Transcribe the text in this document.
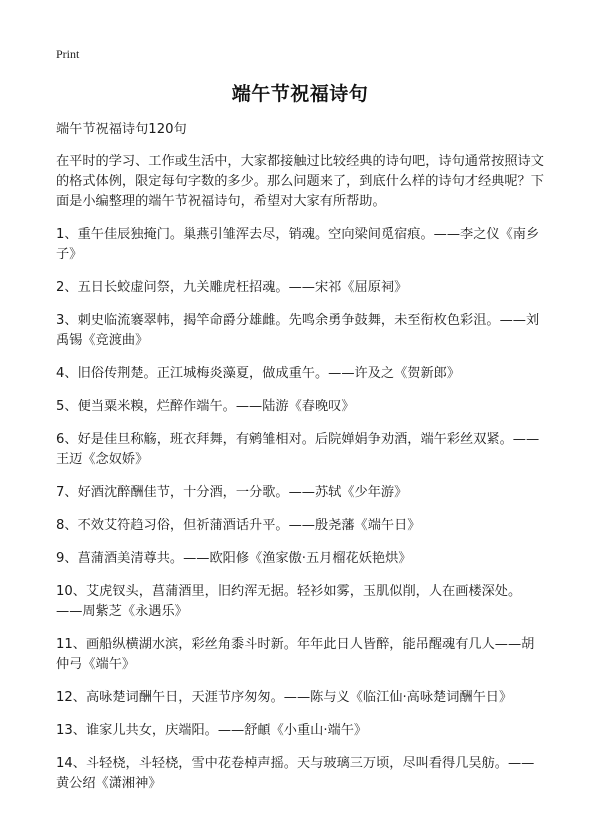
Print
端午节祝福诗句

端午节祝福诗句120句

在平时的学习、工作或生活中，大家都接触过比较经典的诗句吧，诗句通常按照诗文的格式体例，限定每句字数的多少。那么问题来了，到底什么样的诗句才经典呢？下面是小编整理的端午节祝福诗句，希望对大家有所帮助。

1、重午佳辰独掩门。巢燕引雏浑去尽，销魂。空向梁间觅宿痕。——李之仪《南乡子》

2、五日长蛟虚问祭，九关雕虎枉招魂。——宋祁《屈原祠》

3、刺史临流褰翠帏，揭竿命爵分雄雌。先鸣余勇争鼓舞，未至衔枚色彩沮。——刘禹锡《竞渡曲》

4、旧俗传荆楚。正江城梅炎藻夏，做成重午。——许及之《贺新郎》

5、便当粟米糗，烂醉作端午。——陆游《春晚叹》

6、好是佳旦称觞，班衣拜舞，有鹓雏相对。后院婵娟争劝酒，端午彩丝双紧。——王迈《念奴娇》

7、好酒沈醉酬佳节，十分酒，一分歌。——苏轼《少年游》

8、不效艾符趋习俗，但祈蒲酒话升平。——殷尧藩《端午日》

9、菖蒲酒美清尊共。——欧阳修《渔家傲·五月榴花妖艳烘》

10、艾虎钗头，菖蒲酒里，旧约浑无据。轻衫如雾，玉肌似削，人在画楼深处。——周紫芝《永遇乐》

11、画船纵横湖水滨，彩丝角黍斗时新。年年此日人皆醉，能吊醒魂有几人——胡仲弓《端午》

12、高咏楚词酬午日，天涯节序匆匆。——陈与义《临江仙·高咏楚词酬午日》

13、谁家儿共女，庆端阳。——舒頔《小重山·端午》

14、斗轻桡，斗轻桡，雪中花卷棹声摇。天与玻璃三万顷，尽叫看得几吴舫。——黄公绍《潇湘神》
